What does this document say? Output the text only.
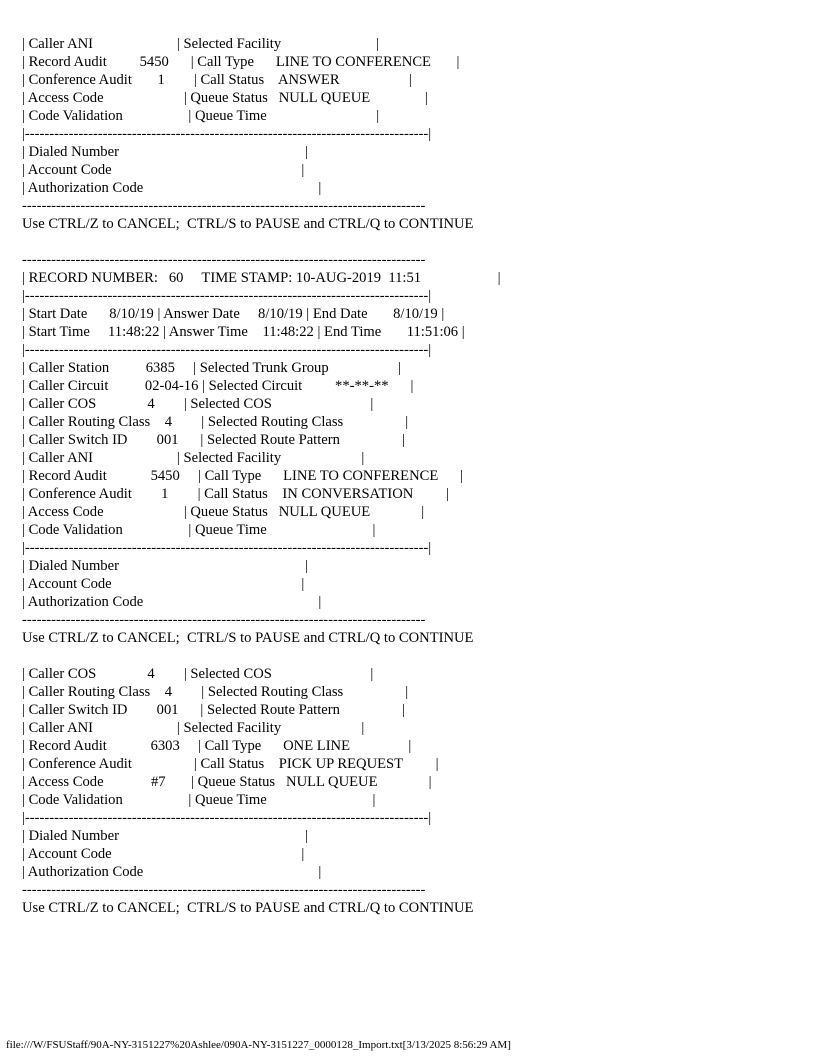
| Caller ANI                       | Selected Facility                          |
| Record Audit         5450      | Call Type      LINE TO CONFERENCE       |
| Conference Audit       1        | Call Status    ANSWER                   |
| Access Code                      | Queue Status   NULL QUEUE               |
| Code Validation                  | Queue Time                              |
|-----------------------------------------------------------------------------------|
| Dialed Number                                                   |
| Account Code                                                    |
| Authorization Code                                                |
-----------------------------------------------------------------------------------
Use CTRL/Z to CANCEL;  CTRL/S to PAUSE and CTRL/Q to CONTINUE
-----------------------------------------------------------------------------------
| RECORD NUMBER:   60     TIME STAMP: 10-AUG-2019  11:51                     |
|-----------------------------------------------------------------------------------|
| Start Date      8/10/19 | Answer Date     8/10/19 | End Date       8/10/19 |
| Start Time     11:48:22 | Answer Time    11:48:22 | End Time       11:51:06 |
|-----------------------------------------------------------------------------------|
| Caller Station          6385     | Selected Trunk Group                   |
| Caller Circuit          02-04-16 | Selected Circuit         **-**-**      |
| Caller COS              4        | Selected COS                           |
| Caller Routing Class    4        | Selected Routing Class                 |
| Caller Switch ID        001      | Selected Route Pattern                 |
| Caller ANI                       | Selected Facility                      |
| Record Audit            5450     | Call Type      LINE TO CONFERENCE      |
| Conference Audit        1        | Call Status    IN CONVERSATION         |
| Access Code                      | Queue Status   NULL QUEUE              |
| Code Validation                  | Queue Time                             |
|-----------------------------------------------------------------------------------|
| Dialed Number                                                   |
| Account Code                                                    |
| Authorization Code                                                |
-----------------------------------------------------------------------------------
Use CTRL/Z to CANCEL;  CTRL/S to PAUSE and CTRL/Q to CONTINUE
| Caller COS              4        | Selected COS                           |
| Caller Routing Class    4        | Selected Routing Class                 |
| Caller Switch ID        001      | Selected Route Pattern                 |
| Caller ANI                       | Selected Facility                      |
| Record Audit            6303     | Call Type      ONE LINE                |
| Conference Audit                 | Call Status    PICK UP REQUEST         |
| Access Code             #7       | Queue Status   NULL QUEUE              |
| Code Validation                  | Queue Time                             |
|-----------------------------------------------------------------------------------|
| Dialed Number                                                   |
| Account Code                                                    |
| Authorization Code                                                |
-----------------------------------------------------------------------------------
Use CTRL/Z to CANCEL;  CTRL/S to PAUSE and CTRL/Q to CONTINUE
file:///W/FSUStaff/90A-NY-3151227%20Ashlee/090A-NY-3151227_0000128_Import.txt[3/13/2025 8:56:29 AM]
